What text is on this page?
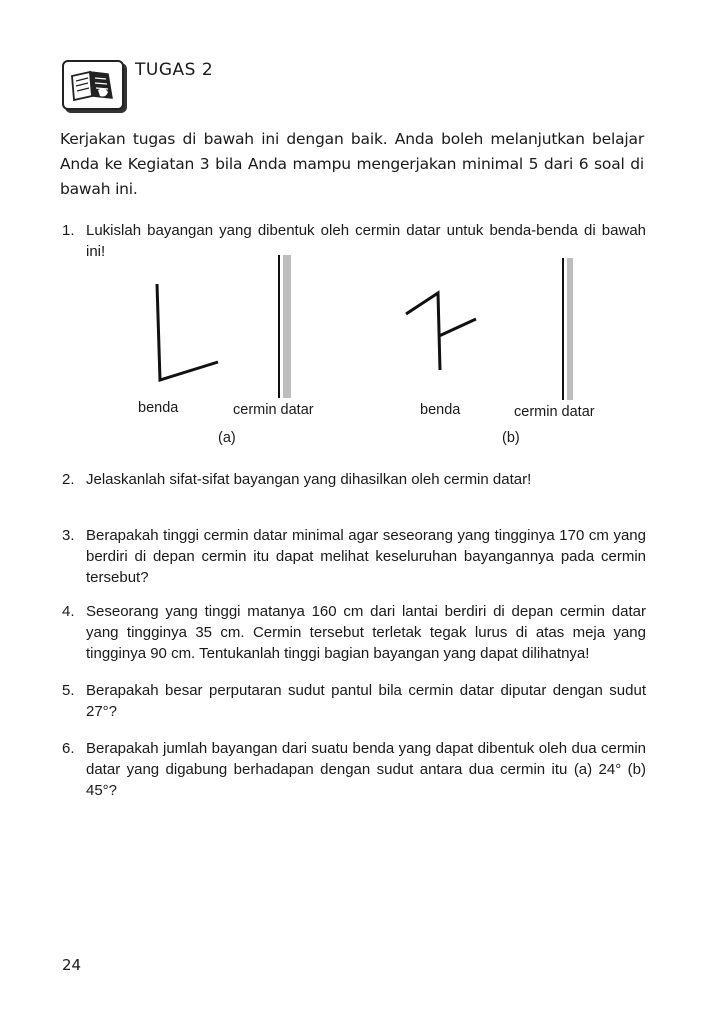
TUGAS 2
Kerjakan tugas di bawah ini dengan baik. Anda boleh melanjutkan belajar Anda ke Kegiatan 3 bila Anda mampu mengerjakan minimal 5 dari 6 soal di bawah ini.
1. Lukislah bayangan yang dibentuk oleh cermin datar untuk benda-benda di bawah ini!
benda	cermin datar
(a)
benda	cermin datar
(b)
2. Jelaskanlah sifat-sifat bayangan yang dihasilkan oleh cermin datar!
3. Berapakah tinggi cermin datar minimal agar seseorang yang tingginya 170 cm yang berdiri di depan cermin itu dapat melihat keseluruhan bayangannya pada cermin tersebut?
4. Seseorang yang tinggi matanya 160 cm dari lantai berdiri di depan cermin datar yang tingginya 35 cm. Cermin tersebut terletak tegak lurus di atas meja yang tingginya 90 cm. Tentukanlah tinggi bagian bayangan yang dapat dilihatnya!
5. Berapakah besar perputaran sudut pantul bila cermin datar diputar dengan sudut 27°?
6. Berapakah jumlah bayangan dari suatu benda yang dapat dibentuk oleh dua cermin datar yang digabung berhadapan dengan sudut antara dua cermin itu (a) 24° (b) 45°?
24
